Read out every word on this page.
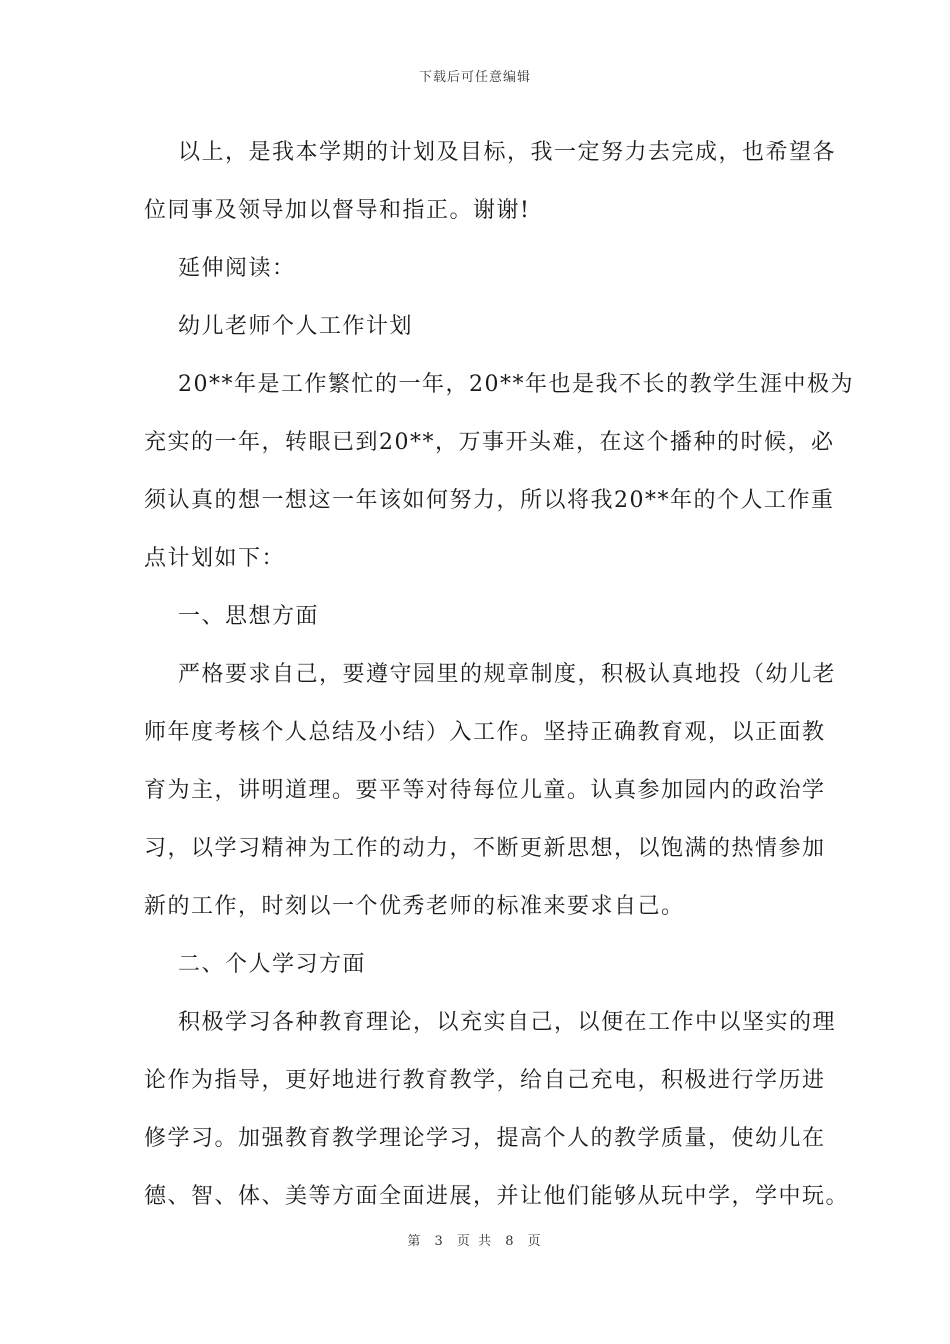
下载后可任意编辑
以上，是我本学期的计划及目标，我一定努力去完成，也希望各
位同事及领导加以督导和指正。谢谢!
延伸阅读：
幼儿老师个人工作计划
20**年是工作繁忙的一年，20**年也是我不长的教学生涯中极为
充实的一年，转眼已到20**，万事开头难，在这个播种的时候，必
须认真的想一想这一年该如何努力，所以将我20**年的个人工作重
点计划如下：
一、思想方面
严格要求自己，要遵守园里的规章制度，积极认真地投（幼儿老
师年度考核个人总结及小结）入工作。坚持正确教育观，以正面教
育为主，讲明道理。要平等对待每位儿童。认真参加园内的政治学
习，以学习精神为工作的动力，不断更新思想，以饱满的热情参加
新的工作，时刻以一个优秀老师的标准来要求自己。
二、个人学习方面
积极学习各种教育理论，以充实自己，以便在工作中以坚实的理
论作为指导，更好地进行教育教学，给自己充电，积极进行学历进
修学习。加强教育教学理论学习，提高个人的教学质量，使幼儿在
德、智、体、美等方面全面进展，并让他们能够从玩中学，学中玩。
第 3 页 共 8 页
